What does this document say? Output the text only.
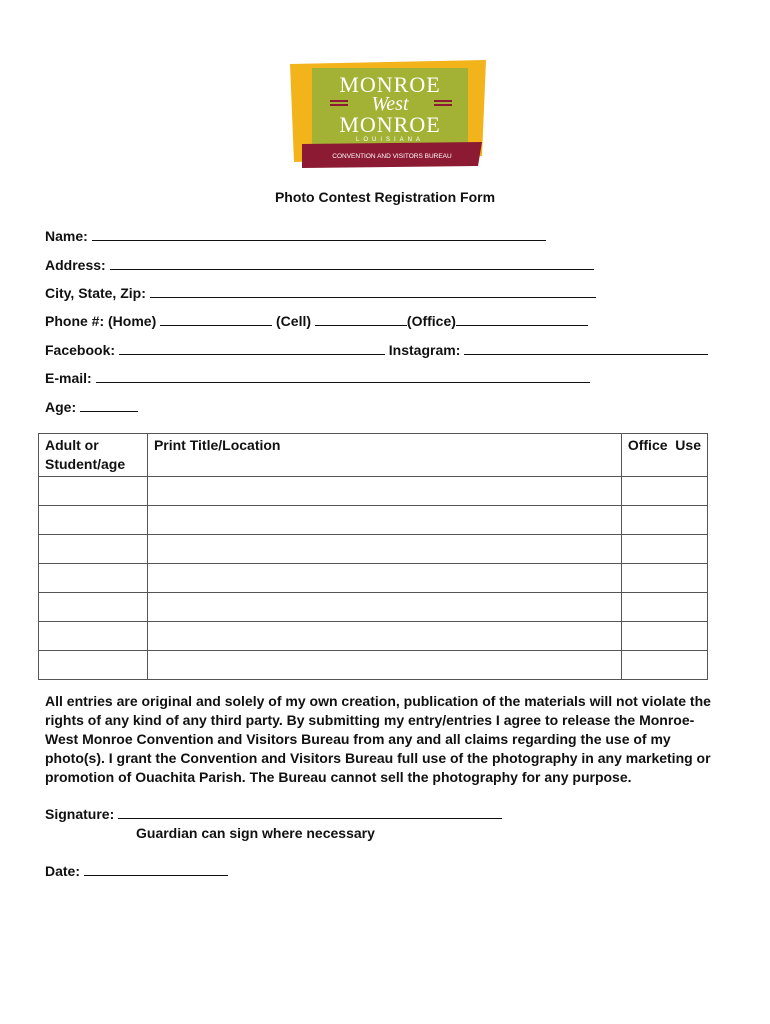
MONROE
West
MONROE
LOUISIANA
CONVENTION AND VISITORS BUREAU
Photo Contest Registration Form
Name:
Address:
City, State, Zip:
Phone #: (Home)	(Cell)	(Office)
Facebook:	Instagram:
E-mail:
Age:
Adult or Student/age	Print Title/Location	Office  Use

All entries are original and solely of my own creation, publication of the materials will not violate the rights of any kind of any third party. By submitting my entry/entries I agree to release the Monroe-West Monroe Convention and Visitors Bureau from any and all claims regarding the use of my photo(s). I grant the Convention and Visitors Bureau full use of the photography in any marketing or promotion of Ouachita Parish. The Bureau cannot sell the photography for any purpose.
Signature:
Guardian can sign where necessary
Date:
